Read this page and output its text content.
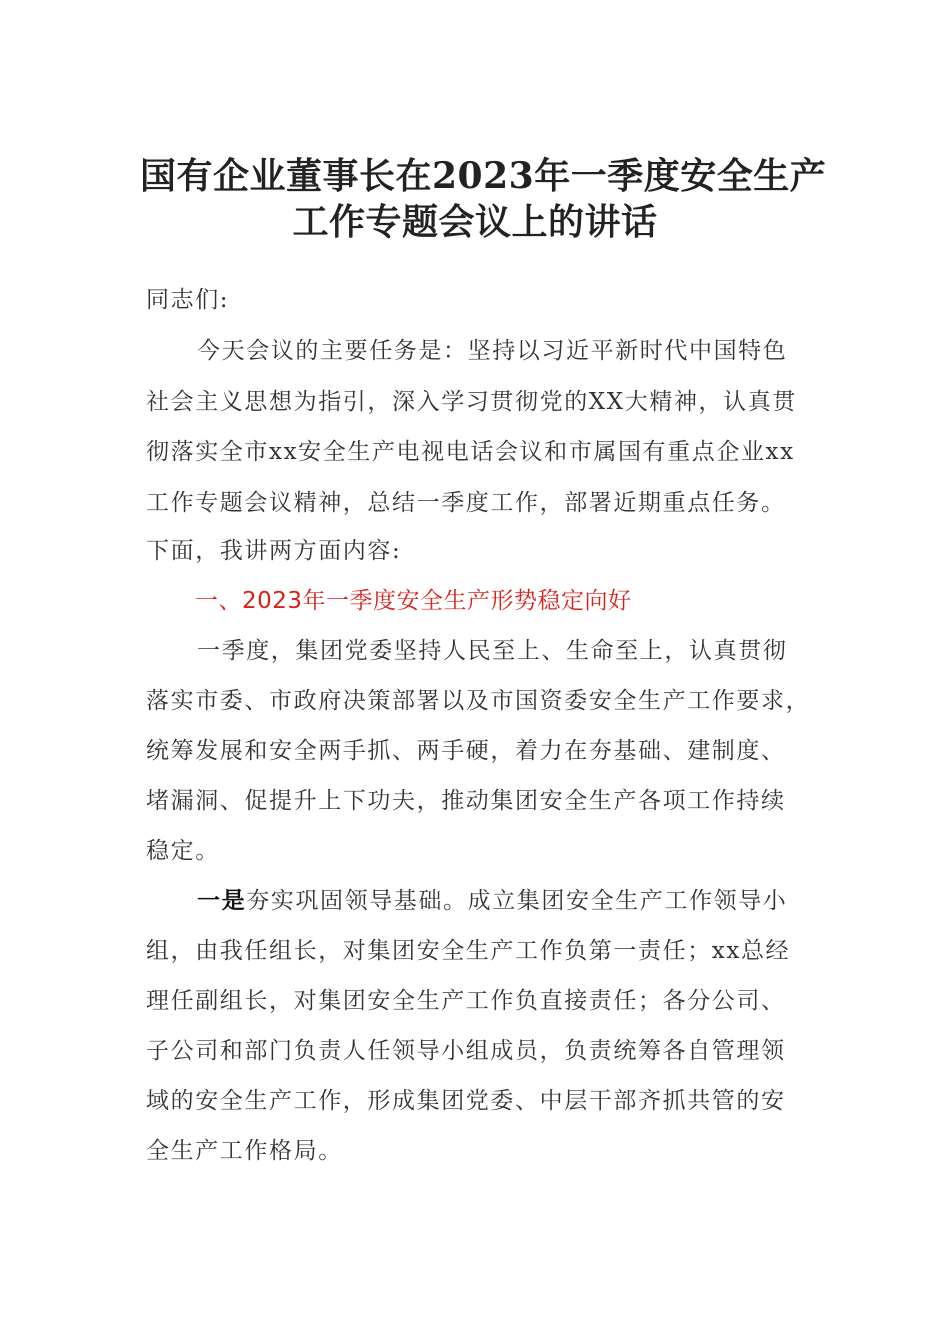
国有企业董事长在2023年一季度安全生产
工作专题会议上的讲话
同志们:
今天会议的主要任务是：坚持以习近平新时代中国特色
社会主义思想为指引，深入学习贯彻党的XX大精神，认真贯
彻落实全市xx安全生产电视电话会议和市属国有重点企业xx
工作专题会议精神，总结一季度工作，部署近期重点任务。
下面，我讲两方面内容:
一、2023年一季度安全生产形势稳定向好
一季度，集团党委坚持人民至上、生命至上，认真贯彻
落实市委、市政府决策部署以及市国资委安全生产工作要求，
统筹发展和安全两手抓、两手硬，着力在夯基础、建制度、
堵漏洞、促提升上下功夫，推动集团安全生产各项工作持续
稳定。
一是夯实巩固领导基础。成立集团安全生产工作领导小
组，由我任组长，对集团安全生产工作负第一责任；xx总经
理任副组长，对集团安全生产工作负直接责任；各分公司、
子公司和部门负责人任领导小组成员，负责统筹各自管理领
域的安全生产工作，形成集团党委、中层干部齐抓共管的安
全生产工作格局。
